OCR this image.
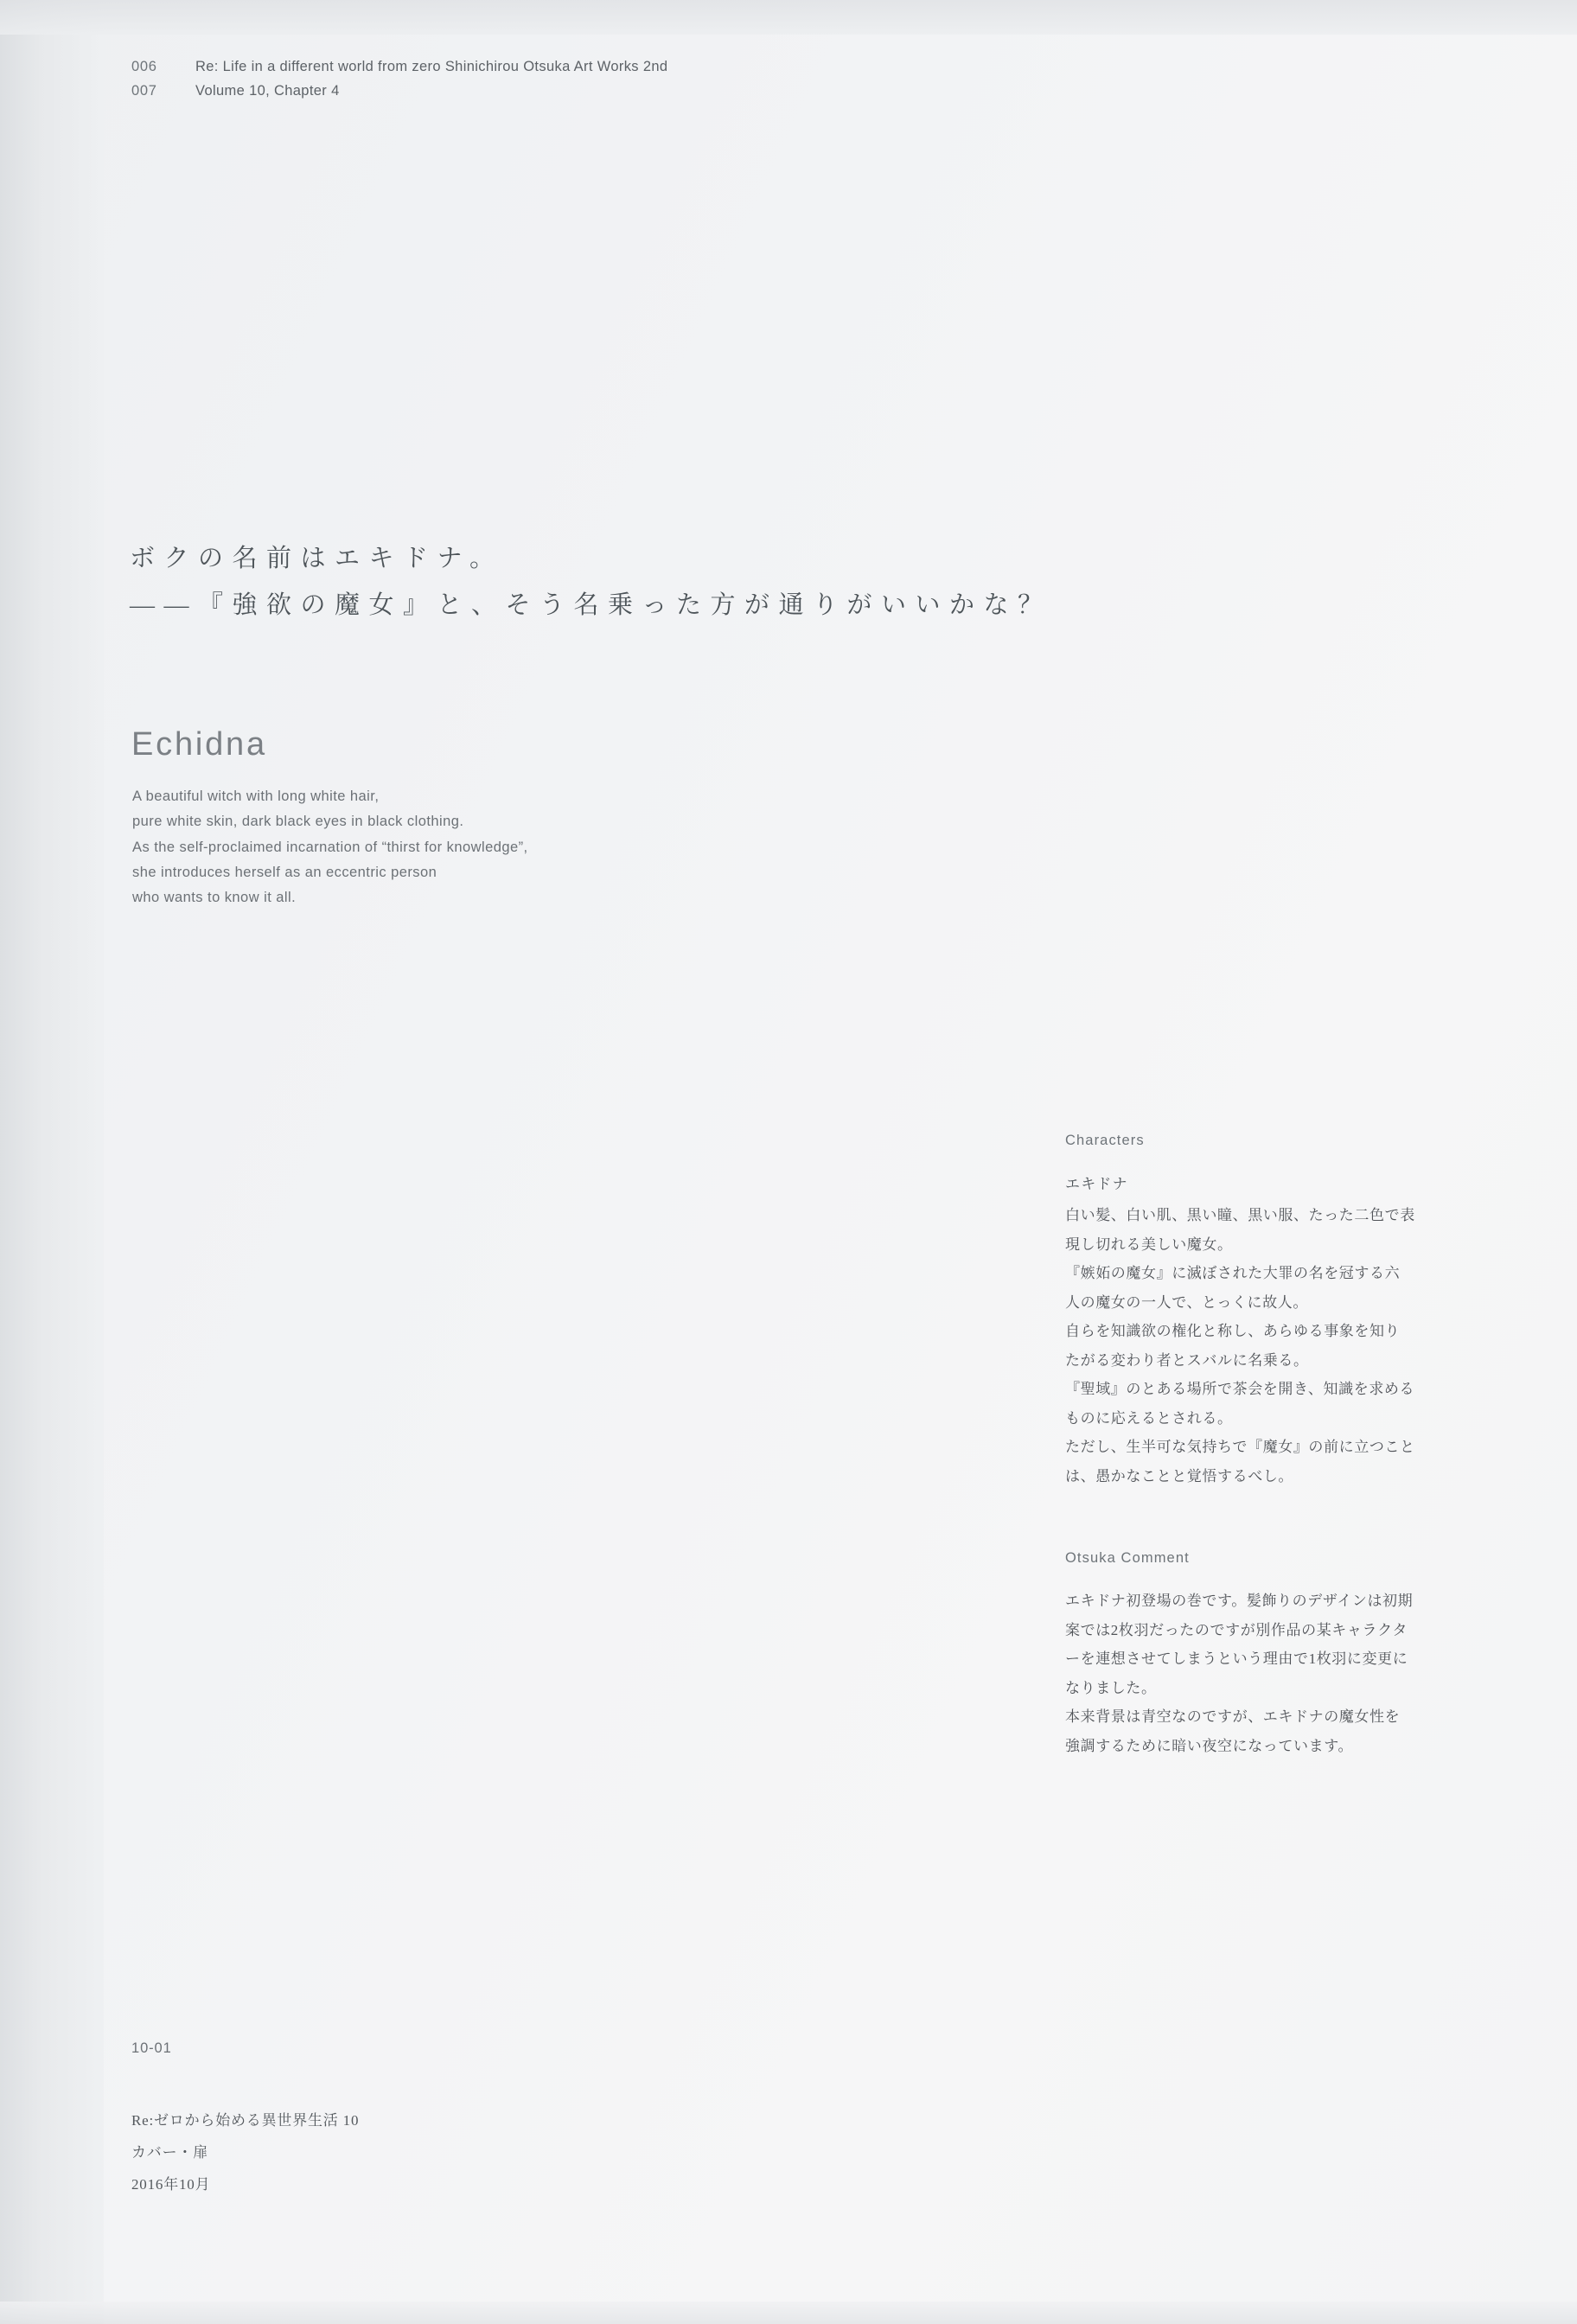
006	Re: Life in a different world from zero Shinichirou Otsuka Art Works 2nd
007	Volume 10, Chapter 4
ボクの名前はエキドナ。
——『強欲の魔女』と、そう名乗った方が通りがいいかな？
Echidna

A beautiful witch with long white hair,

pure white skin, dark black eyes in black clothing.

As the self-proclaimed incarnation of “thirst for knowledge”,

she introduces herself as an eccentric person

who wants to know it all.

Characters
エキドナ

白い髪、白い肌、黒い瞳、黒い服、たった二色で表

現し切れる美しい魔女。

『嫉妬の魔女』に滅ぼされた大罪の名を冠する六

人の魔女の一人で、とっくに故人。

自らを知識欲の権化と称し、あらゆる事象を知り

たがる変わり者とスバルに名乗る。

『聖域』のとある場所で茶会を開き、知識を求める

ものに応えるとされる。

ただし、生半可な気持ちで『魔女』の前に立つこと

は、愚かなことと覚悟するべし。

Otsuka Comment

エキドナ初登場の巻です。髪飾りのデザインは初期

案では2枚羽だったのですが別作品の某キャラクタ

ーを連想させてしまうという理由で1枚羽に変更に

なりました。

本来背景は青空なのですが、エキドナの魔女性を

強調するために暗い夜空になっています。

10-01

Re:ゼロから始める異世界生活 10

カバー・扉

2016年10月
